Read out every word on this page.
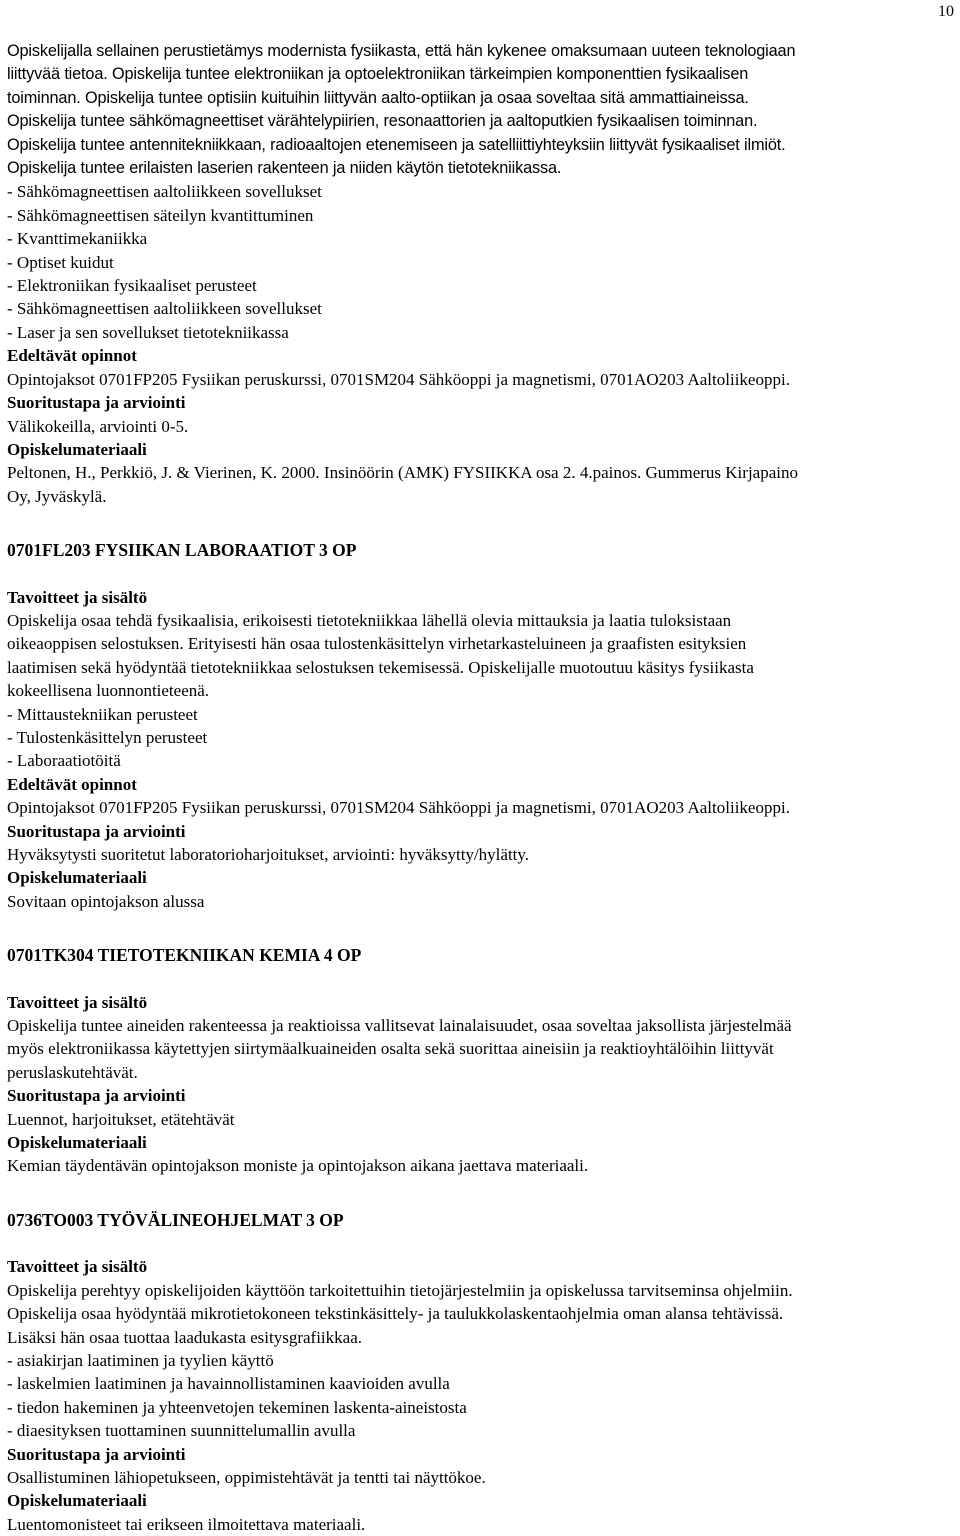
10
Opiskelijalla sellainen perustietämys modernista fysiikasta, että hän kykenee omaksumaan uuteen teknologiaan
liittyvää tietoa. Opiskelija tuntee elektroniikan ja optoelektroniikan tärkeimpien komponenttien fysikaalisen
toiminnan. Opiskelija tuntee optisiin kuituihin liittyvän aalto-optiikan ja osaa soveltaa sitä ammattiaineissa.
Opiskelija tuntee sähkömagneettiset värähtelypiirien, resonaattorien ja aaltoputkien fysikaalisen toiminnan.
Opiskelija tuntee antennitekniikkaan, radioaaltojen etenemiseen ja satelliittiyhteyksiin liittyvät fysikaaliset ilmiöt.
Opiskelija tuntee erilaisten laserien rakenteen ja niiden käytön tietotekniikassa.
- Sähkömagneettisen aaltoliikkeen sovellukset
- Sähkömagneettisen säteilyn kvantittuminen
- Kvanttimekaniikka
- Optiset kuidut
- Elektroniikan fysikaaliset perusteet
- Sähkömagneettisen aaltoliikkeen sovellukset
- Laser ja sen sovellukset tietotekniikassa
Edeltävät opinnot
Opintojaksot 0701FP205 Fysiikan peruskurssi, 0701SM204 Sähköoppi ja magnetismi, 0701AO203 Aaltoliikeoppi.
Suoritustapa ja arviointi
Välikokeilla, arviointi 0-5.
Opiskelumateriaali
Peltonen, H., Perkkiö, J. & Vierinen, K. 2000. Insinöörin (AMK) FYSIIKKA osa 2. 4.painos. Gummerus Kirjapaino
Oy, Jyväskylä.
0701FL203 FYSIIKAN LABORAATIOT 3 OP
Tavoitteet ja sisältö
Opiskelija osaa tehdä fysikaalisia, erikoisesti tietotekniikkaa lähellä olevia mittauksia ja laatia tuloksistaan
oikeaoppisen selostuksen. Erityisesti hän osaa tulostenkäsittelyn virhetarkasteluineen ja graafisten esityksien
laatimisen sekä hyödyntää tietotekniikkaa selostuksen tekemisessä. Opiskelijalle muotoutuu käsitys fysiikasta
kokeellisena luonnontieteenä.
- Mittaustekniikan perusteet
- Tulostenkäsittelyn perusteet
- Laboraatiotöitä
Edeltävät opinnot
Opintojaksot 0701FP205 Fysiikan peruskurssi, 0701SM204 Sähköoppi ja magnetismi, 0701AO203 Aaltoliikeoppi.
Suoritustapa ja arviointi
Hyväksytysti suoritetut laboratorioharjoitukset, arviointi: hyväksytty/hylätty.
Opiskelumateriaali
Sovitaan opintojakson alussa
0701TK304 TIETOTEKNIIKAN KEMIA 4 OP
Tavoitteet ja sisältö
Opiskelija tuntee aineiden rakenteessa ja reaktioissa vallitsevat lainalaisuudet, osaa soveltaa jaksollista järjestelmää
myös elektroniikassa käytettyjen siirtymäalkuaineiden osalta sekä suorittaa aineisiin ja reaktioyhtälöihin liittyvät
peruslaskutehtävät.
Suoritustapa ja arviointi
Luennot, harjoitukset, etätehtävät
Opiskelumateriaali
Kemian täydentävän opintojakson moniste ja opintojakson aikana jaettava materiaali.
0736TO003 TYÖVÄLINEOHJELMAT 3 OP
Tavoitteet ja sisältö
Opiskelija perehtyy opiskelijoiden käyttöön tarkoitettuihin tietojärjestelmiin ja opiskelussa tarvitseminsa ohjelmiin.
Opiskelija osaa hyödyntää mikrotietokoneen tekstinkäsittely- ja taulukkolaskentaohjelmia oman alansa tehtävissä.
Lisäksi hän osaa tuottaa laadukasta esitysgrafiikkaa.
- asiakirjan laatiminen ja tyylien käyttö
- laskelmien laatiminen ja havainnollistaminen kaavioiden avulla
- tiedon hakeminen ja yhteenvetojen tekeminen laskenta-aineistosta
- diaesityksen tuottaminen suunnittelumallin avulla
Suoritustapa ja arviointi
Osallistuminen lähiopetukseen, oppimistehtävät ja tentti tai näyttökoe.
Opiskelumateriaali
Luentomonisteet tai erikseen ilmoitettava materiaali.
